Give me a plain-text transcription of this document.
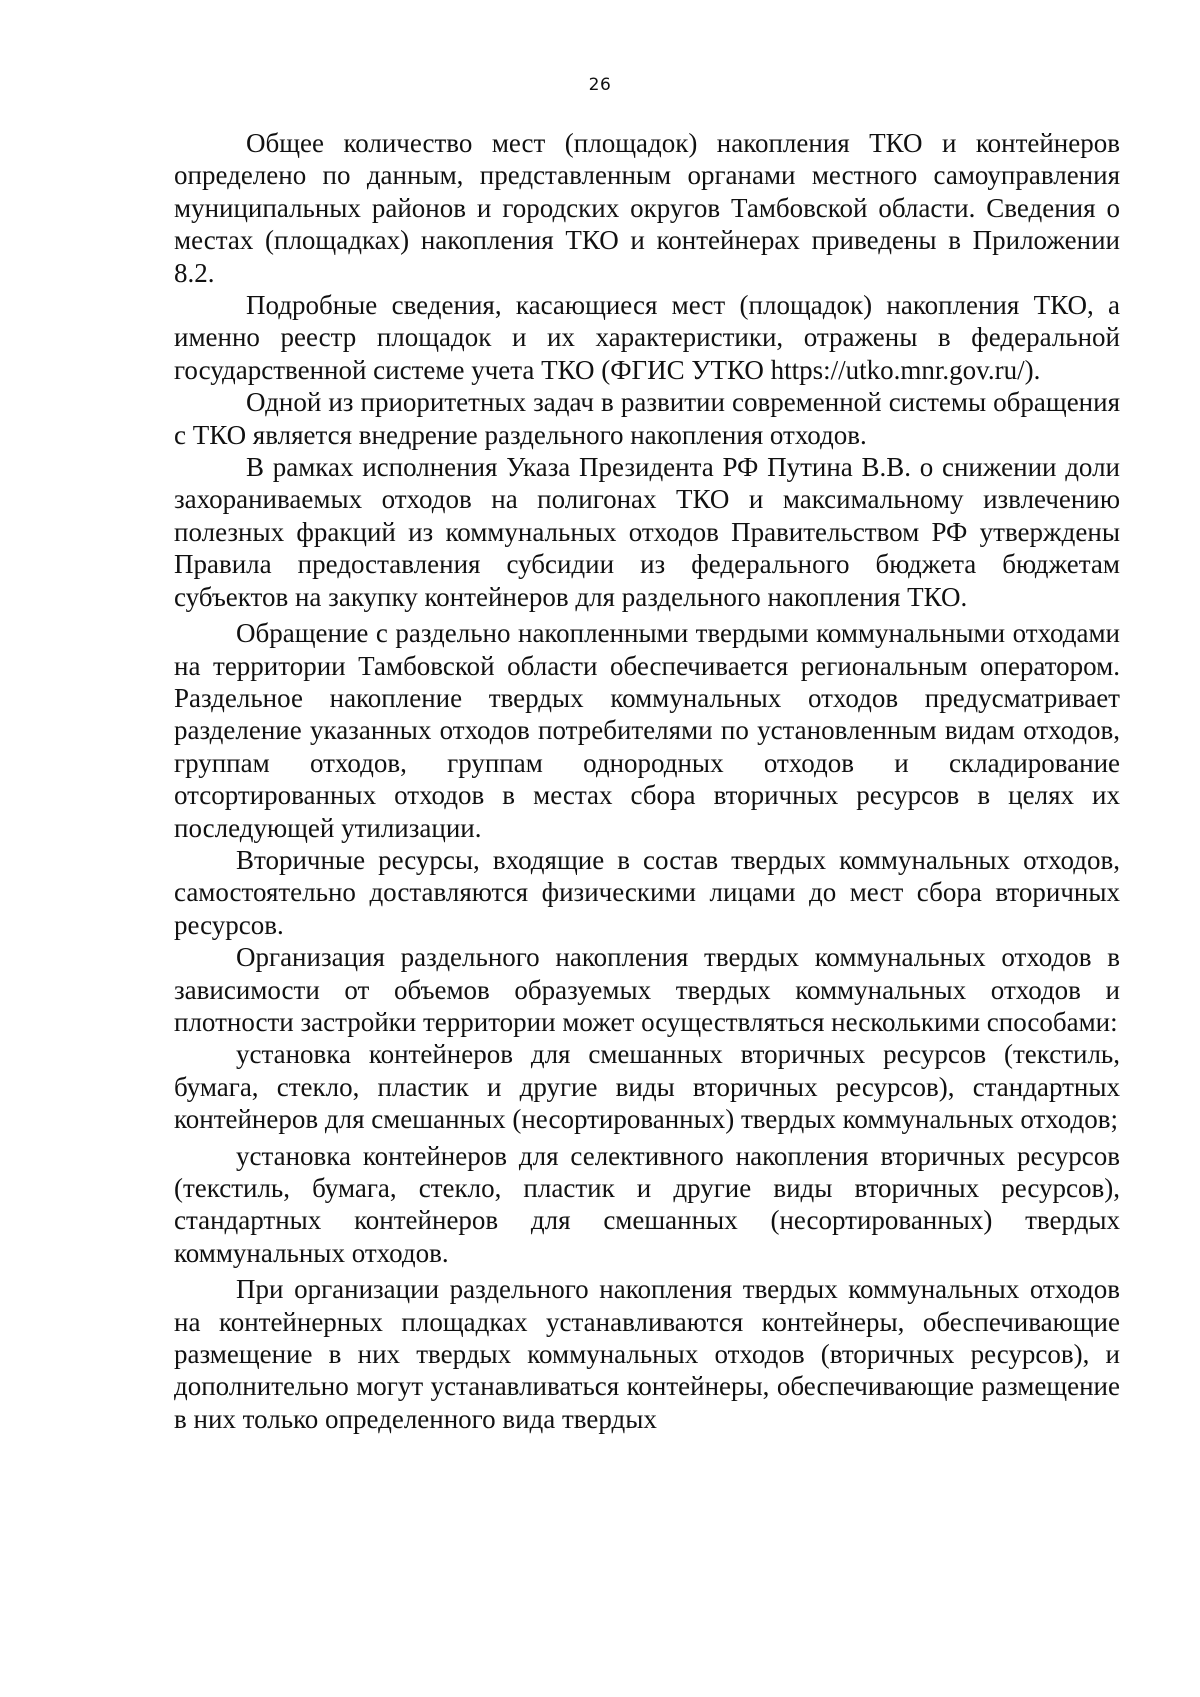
26

Общее количество мест (площадок) накопления ТКО и контейнеров определено по данным, представленным органами местного самоуправления муниципальных районов и городских округов Тамбовской области. Сведения о местах (площадках) накопления ТКО и контейнерах приведены в Приложении 8.2.

Подробные сведения, касающиеся мест (площадок) накопления ТКО, а именно реестр площадок и их характеристики, отражены в федеральной государственной системе учета ТКО (ФГИС УТКО https://utko.mnr.gov.ru/).

Одной из приоритетных задач в развитии современной системы обращения с ТКО является внедрение раздельного накопления отходов.

В рамках исполнения Указа Президента РФ Путина В.В. о снижении доли захораниваемых отходов на полигонах ТКО и максимальному извлечению полезных фракций из коммунальных отходов Правительством РФ утверждены Правила предоставления субсидии из федерального бюджета бюджетам субъектов на закупку контейнеров для раздельного накопления ТКО.

Обращение с раздельно накопленными твердыми коммунальными отходами на территории Тамбовской области обеспечивается региональным оператором. Раздельное накопление твердых коммунальных отходов предусматривает разделение указанных отходов потребителями по установленным видам отходов, группам отходов, группам однородных отходов и складирование отсортированных отходов в местах сбора вторичных ресурсов в целях их последующей утилизации.

Вторичные ресурсы, входящие в состав твердых коммунальных отходов, самостоятельно доставляются физическими лицами до мест сбора вторичных ресурсов.

Организация раздельного накопления твердых коммунальных отходов в зависимости от объемов образуемых твердых коммунальных отходов и плотности застройки территории может осуществляться несколькими способами:

установка контейнеров для смешанных вторичных ресурсов (текстиль, бумага, стекло, пластик и другие виды вторичных ресурсов), стандартных контейнеров для смешанных (несортированных) твердых коммунальных отходов;

установка контейнеров для селективного накопления вторичных ресурсов (текстиль, бумага, стекло, пластик и другие виды вторичных ресурсов), стандартных контейнеров для смешанных (несортированных) твердых коммунальных отходов.

При организации раздельного накопления твердых коммунальных отходов на контейнерных площадках устанавливаются контейнеры, обеспечивающие размещение в них твердых коммунальных отходов (вторичных ресурсов), и дополнительно могут устанавливаться контейнеры, обеспечивающие размещение в них только определенного вида твердых
